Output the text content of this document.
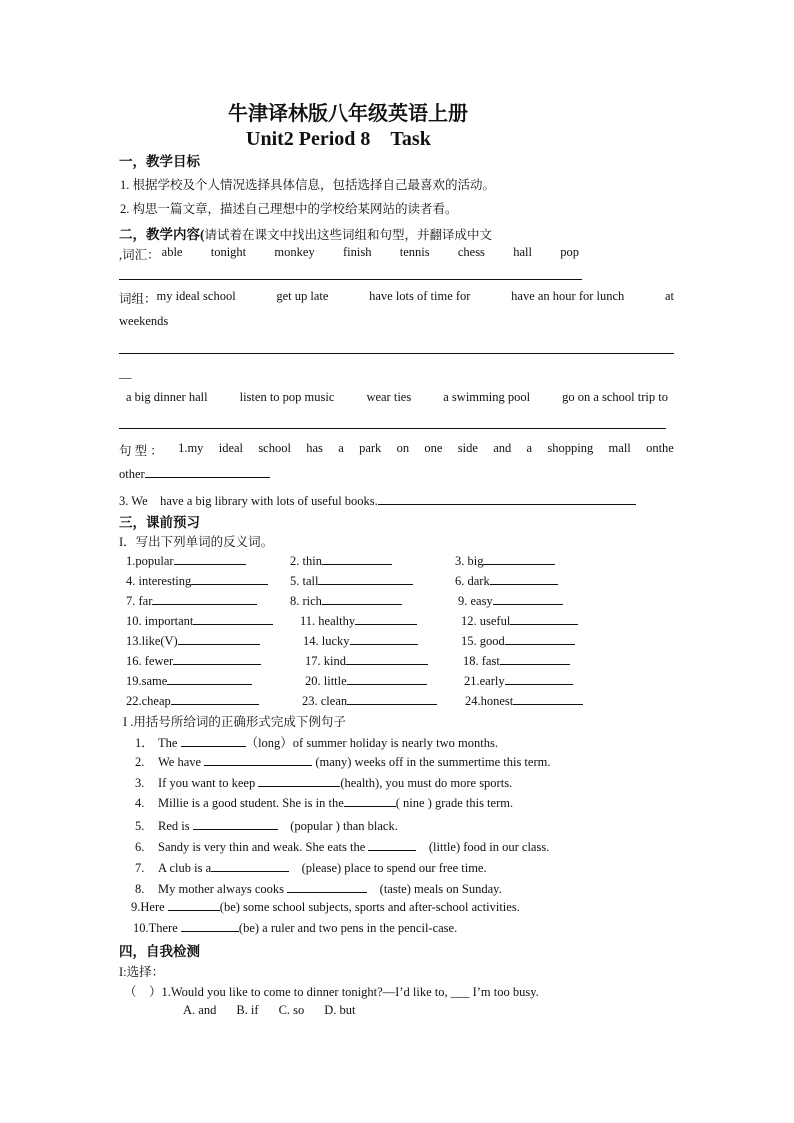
牛津译林版八年级英语上册
Unit2 Period 8　Task
一，教学目标
1. 根据学校及个人情况选择具体信息，包括选择自己最喜欢的活动。
2. 构思一篇文章，描述自己理想中的学校给某网站的读者看。
二，教学内容(请试着在课文中找出这些词组和句型，并翻译成中文
,词汇： able tonight monkey finish tennis chess hall pop
词组： my ideal school	get up late	have lots of time for	have an hour for lunch	at
weekends
__
a big dinner hall	listen to pop music	wear ties	a swimming pool	go on a school trip to
句 型 ： 1.my ideal school has a park on one side and a shopping mall onthe
other
3. We　have a big library with lots of useful books.
三，课前预习
I．写出下列单词的反义词。
1.popular	2. thin	3. big
4. interesting	5. tall	6. dark
7. far	8. rich	9. easy
10. important	11. healthy	12. useful
13.like(V)	14. lucky	15. good
16. fewer	17. kind	18. fast
19.same	20. little	21.early
22.cheap	23. clean	24.honest
I .用括号所给词的正确形式完成下例句子
1． The	（long）of summer holiday is nearly two months.
2. We have	(many) weeks off in the summertime this term.
3. If you want to keep	(health), you must do more sports.
4. Millie is a good student. She is in the	( nine ) grade this term.
5. Red is	　(popular ) than black.
6. Sandy is very thin and weak. She eats the	　(little) food in our class.
7. A club is a	　(please) place to spend our free time.
8. My mother always cooks	　(taste) meals on Sunday.
9.Here	(be) some school subjects, sports and after-school activities.
10.There	(be) a ruler and two pens in the pencil-case.
四，自我检测
I:选择：
（　）1.Would you like to come to dinner tonight?—I’d like to, ___ I’m too busy.
A. and B. if C. so D. but
